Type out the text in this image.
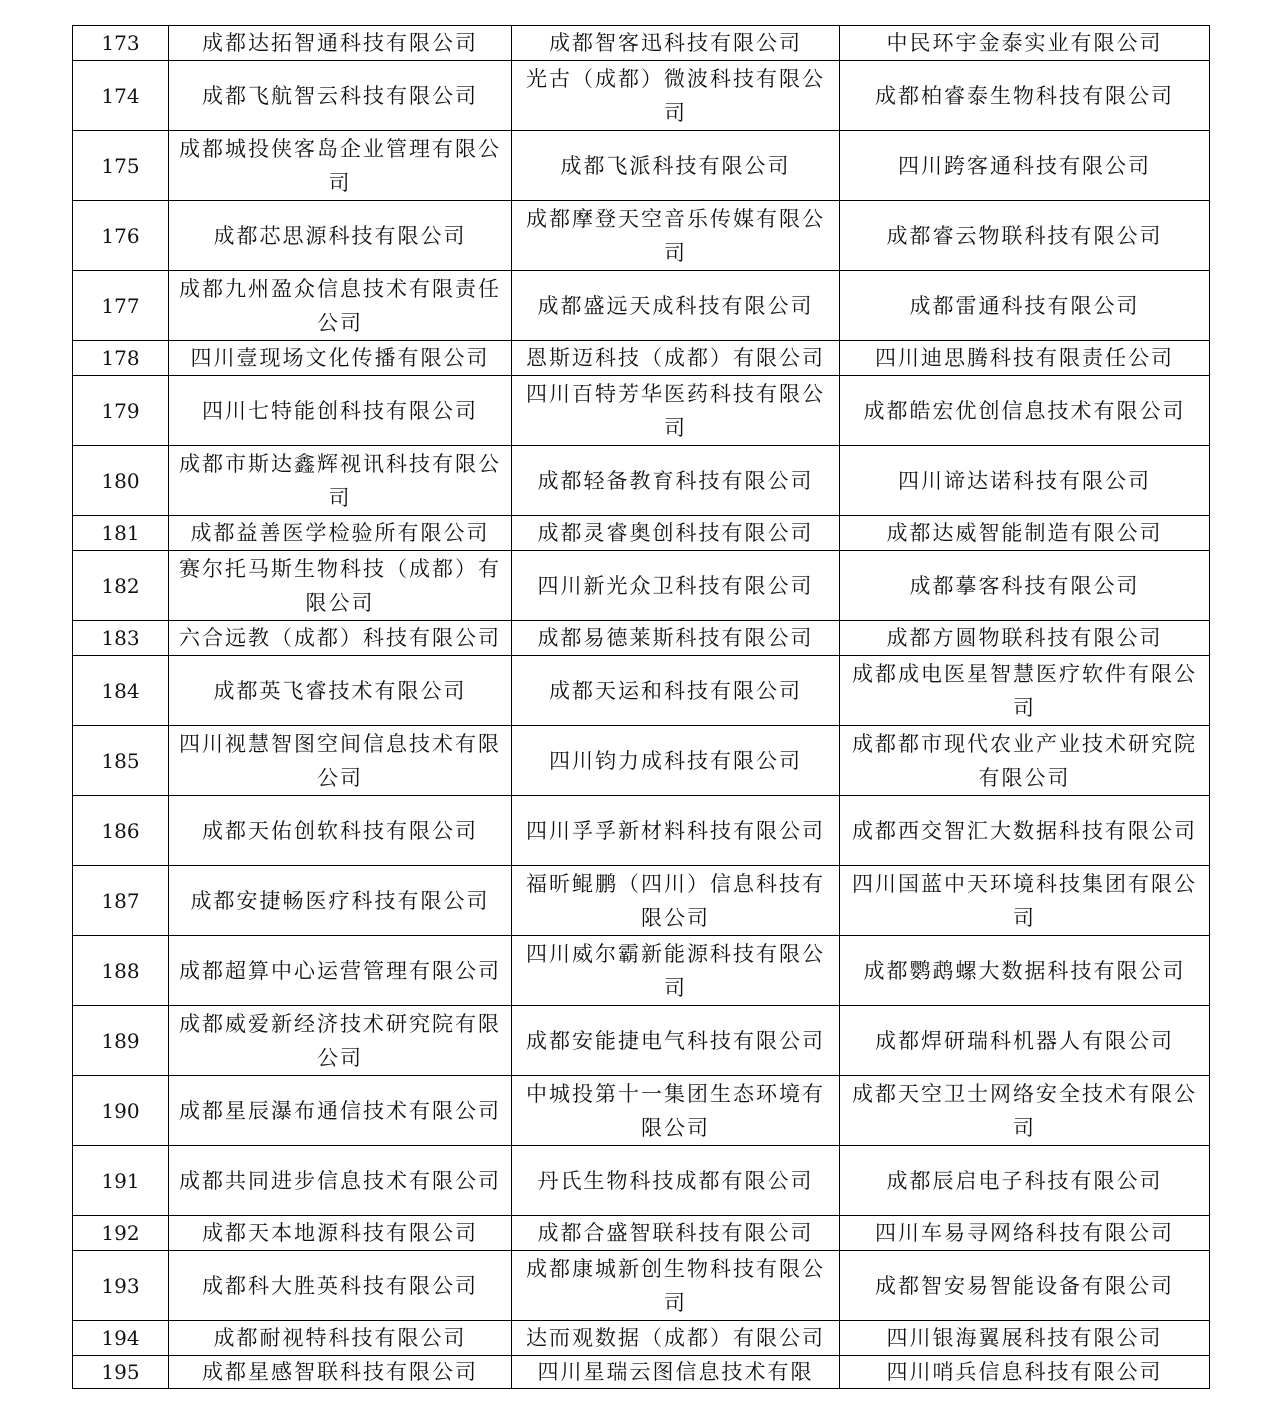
173	成都达拓智通科技有限公司	成都智客迅科技有限公司	中民环宇金泰实业有限公司
174	成都飞航智云科技有限公司	光古（成都）微波科技有限公司	成都柏睿泰生物科技有限公司
175	成都城投侠客岛企业管理有限公司	成都飞派科技有限公司	四川跨客通科技有限公司
176	成都芯思源科技有限公司	成都摩登天空音乐传媒有限公司	成都睿云物联科技有限公司
177	成都九州盈众信息技术有限责任公司	成都盛远天成科技有限公司	成都雷通科技有限公司
178	四川壹现场文化传播有限公司	恩斯迈科技（成都）有限公司	四川迪思腾科技有限责任公司
179	四川七特能创科技有限公司	四川百特芳华医药科技有限公司	成都皓宏优创信息技术有限公司
180	成都市斯达鑫辉视讯科技有限公司	成都轻备教育科技有限公司	四川谛达诺科技有限公司
181	成都益善医学检验所有限公司	成都灵睿奥创科技有限公司	成都达威智能制造有限公司
182	赛尔托马斯生物科技（成都）有限公司	四川新光众卫科技有限公司	成都摹客科技有限公司
183	六合远教（成都）科技有限公司	成都易德莱斯科技有限公司	成都方圆物联科技有限公司
184	成都英飞睿技术有限公司	成都天运和科技有限公司	成都成电医星智慧医疗软件有限公司
185	四川视慧智图空间信息技术有限公司	四川钧力成科技有限公司	成都都市现代农业产业技术研究院有限公司
186	成都天佑创软科技有限公司	四川孚孚新材料科技有限公司	成都西交智汇大数据科技有限公司
187	成都安捷畅医疗科技有限公司	福昕鲲鹏（四川）信息科技有限公司	四川国蓝中天环境科技集团有限公司
188	成都超算中心运营管理有限公司	四川威尔霸新能源科技有限公司	成都鹦鹉螺大数据科技有限公司
189	成都威爱新经济技术研究院有限公司	成都安能捷电气科技有限公司	成都焊研瑞科机器人有限公司
190	成都星辰瀑布通信技术有限公司	中城投第十一集团生态环境有限公司	成都天空卫士网络安全技术有限公司
191	成都共同进步信息技术有限公司	丹氏生物科技成都有限公司	成都辰启电子科技有限公司
192	成都天本地源科技有限公司	成都合盛智联科技有限公司	四川车易寻网络科技有限公司
193	成都科大胜英科技有限公司	成都康城新创生物科技有限公司	成都智安易智能设备有限公司
194	成都耐视特科技有限公司	达而观数据（成都）有限公司	四川银海翼展科技有限公司
195	成都星感智联科技有限公司	四川星瑞云图信息技术有限	四川哨兵信息科技有限公司
